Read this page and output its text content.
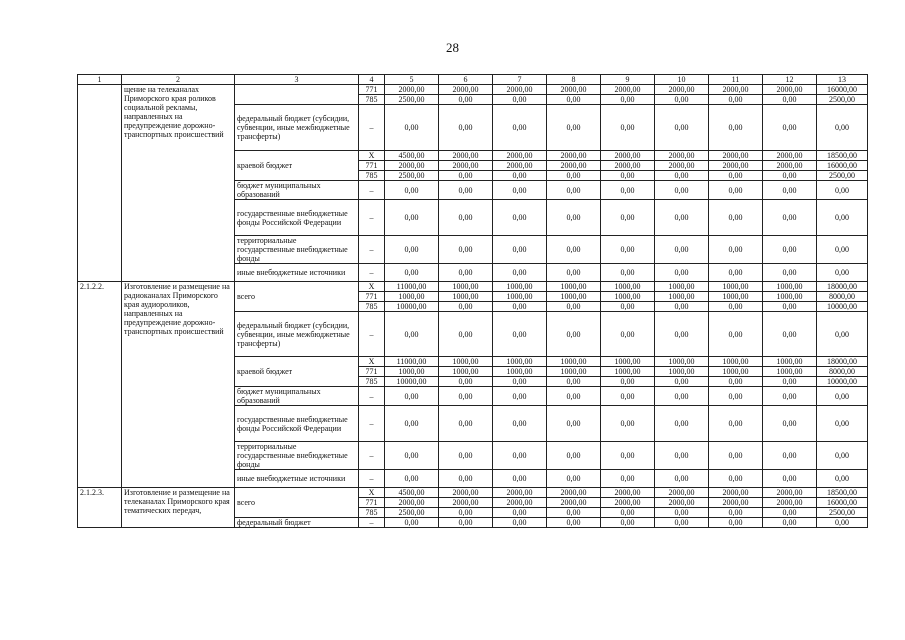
28
1	2	3	4	5	6	7	8	9	10	11	12	13
	щение на телеканалах Приморского края роликов социальной рекламы, направленных на предупреждение дорожно-транспортных происшествий		771	2000,00	2000,00	2000,00	2000,00	2000,00	2000,00	2000,00	2000,00	16000,00
			785	2500,00	0,00	0,00	0,00	0,00	0,00	0,00	0,00	2500,00
		федеральный бюджет (субсидии, субвенции, иные межбюджетные трансферты)	–	0,00	0,00	0,00	0,00	0,00	0,00	0,00	0,00	0,00
		краевой бюджет	X	4500,00	2000,00	2000,00	2000,00	2000,00	2000,00	2000,00	2000,00	18500,00
			771	2000,00	2000,00	2000,00	2000,00	2000,00	2000,00	2000,00	2000,00	16000,00
			785	2500,00	0,00	0,00	0,00	0,00	0,00	0,00	0,00	2500,00
		бюджет муниципальных образований	–	0,00	0,00	0,00	0,00	0,00	0,00	0,00	0,00	0,00
		государственные внебюджетные фонды Российской Федерации	–	0,00	0,00	0,00	0,00	0,00	0,00	0,00	0,00	0,00
		территориальные государственные внебюджетные фонды	–	0,00	0,00	0,00	0,00	0,00	0,00	0,00	0,00	0,00
		иные внебюджетные источники	–	0,00	0,00	0,00	0,00	0,00	0,00	0,00	0,00	0,00
2.1.2.2.	Изготовление и размещение на радиоканалах Приморского края аудиороликов, направленных на предупреждение дорожно-транспортных происшествий	всего	X	11000,00	1000,00	1000,00	1000,00	1000,00	1000,00	1000,00	1000,00	18000,00
			771	1000,00	1000,00	1000,00	1000,00	1000,00	1000,00	1000,00	1000,00	8000,00
			785	10000,00	0,00	0,00	0,00	0,00	0,00	0,00	0,00	10000,00
		федеральный бюджет (субсидии, субвенции, иные межбюджетные трансферты)	–	0,00	0,00	0,00	0,00	0,00	0,00	0,00	0,00	0,00
		краевой бюджет	X	11000,00	1000,00	1000,00	1000,00	1000,00	1000,00	1000,00	1000,00	18000,00
			771	1000,00	1000,00	1000,00	1000,00	1000,00	1000,00	1000,00	1000,00	8000,00
			785	10000,00	0,00	0,00	0,00	0,00	0,00	0,00	0,00	10000,00
		бюджет муниципальных образований	–	0,00	0,00	0,00	0,00	0,00	0,00	0,00	0,00	0,00
		государственные внебюджетные фонды Российской Федерации	–	0,00	0,00	0,00	0,00	0,00	0,00	0,00	0,00	0,00
		территориальные государственные внебюджетные фонды	–	0,00	0,00	0,00	0,00	0,00	0,00	0,00	0,00	0,00
		иные внебюджетные источники	–	0,00	0,00	0,00	0,00	0,00	0,00	0,00	0,00	0,00
2.1.2.3.	Изготовление и размещение на телеканалах Приморского края тематических передач,	всего	X	4500,00	2000,00	2000,00	2000,00	2000,00	2000,00	2000,00	2000,00	18500,00
			771	2000,00	2000,00	2000,00	2000,00	2000,00	2000,00	2000,00	2000,00	16000,00
			785	2500,00	0,00	0,00	0,00	0,00	0,00	0,00	0,00	2500,00
		федеральный бюджет	–	0,00	0,00	0,00	0,00	0,00	0,00	0,00	0,00	0,00
